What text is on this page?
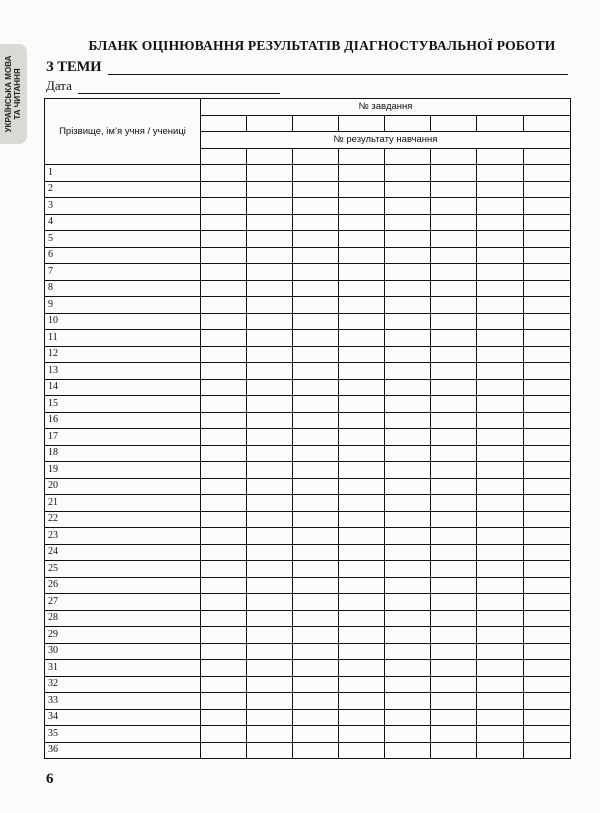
УКРАЇНСЬКА МОВА ТА ЧИТАННЯ
БЛАНК ОЦІНЮВАННЯ РЕЗУЛЬТАТІВ ДІАГНОСТУВАЛЬНОЇ РОБОТИ
З ТЕМИ
Дата
Прізвище, ім’я учня / учениці	№ завдання							

	№ результату навчання							

1								
2								
3								
4								
5								
6								
7								
8								
9								
10								
11								
12								
13								
14								
15								
16								
17								
18								
19								
20								
21								
22								
23								
24								
25								
26								
27								
28								
29								
30								
31								
32								
33								
34								
35								
36								
6
